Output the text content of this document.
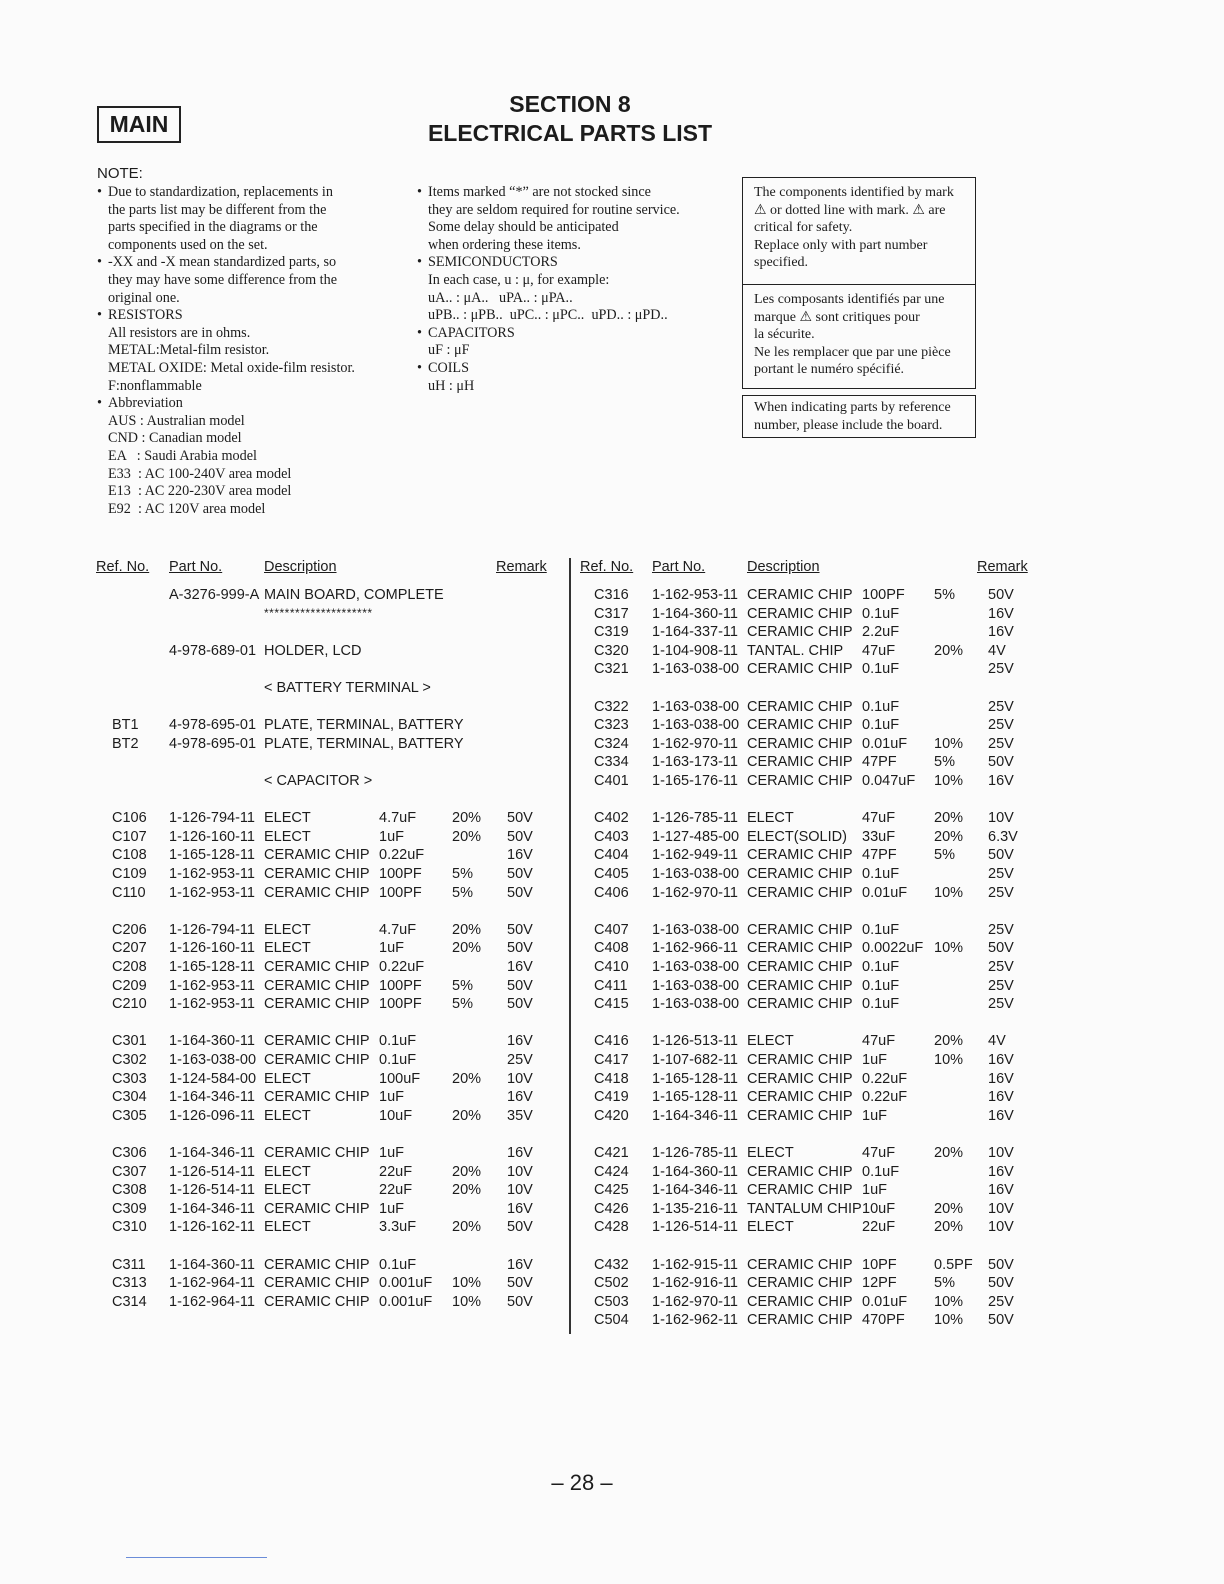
MAIN
SECTION 8
ELECTRICAL PARTS LIST
NOTE:
• Due to standardization, replacements in
the parts list may be different from the
parts specified in the diagrams or the
components used on the set.
• -XX and -X mean standardized parts, so
they may have some difference from the
original one.
• RESISTORS
All resistors are in ohms.
METAL:Metal-film resistor.
METAL OXIDE: Metal oxide-film resistor.
F:nonflammable
• Abbreviation
AUS : Australian model
CND : Canadian model
EA   : Saudi Arabia model
E33  : AC 100-240V area model
E13  : AC 220-230V area model
E92  : AC 120V area model
• Items marked “*” are not stocked since
they are seldom required for routine service.
Some delay should be anticipated
when ordering these items.
• SEMICONDUCTORS
In each case, u : μ, for example:
uA.. : μA..   uPA.. : μPA..
uPB.. : μPB..  uPC.. : μPC..  uPD.. : μPD..
• CAPACITORS
uF : μF
• COILS
uH : μH
The components identified by mark
⚠ or dotted line with mark. ⚠ are
critical for safety.
Replace only with part number
specified.
Les composants identifiés par une
marque ⚠ sont critiques pour
la sécurite.
Ne les remplacer que par une pièce
portant le numéro spécifié.
When indicating parts by reference
number, please include the board.
Ref. No. Part No.	Description	Remark Ref. No. Part No.	Description	Remark
A-3276-999-A MAIN BOARD, COMPLETE
*********************
4-978-689-01 HOLDER, LCD
< BATTERY TERMINAL >
BT1 4-978-695-01 PLATE, TERMINAL, BATTERY
BT2 4-978-695-01 PLATE, TERMINAL, BATTERY
< CAPACITOR >
C106 1-126-794-11 ELECT	4.7uF 20% 50V
C107 1-126-160-11 ELECT	1uF	20% 50V
C108 1-165-128-11 CERAMIC CHIP 0.22uF	16V
C109 1-162-953-11 CERAMIC CHIP 100PF 5% 50V
C110 1-162-953-11 CERAMIC CHIP 100PF 5% 50V
C206 1-126-794-11 ELECT	4.7uF 20% 50V
C207 1-126-160-11 ELECT	1uF	20% 50V
C208 1-165-128-11 CERAMIC CHIP 0.22uF	16V
C209 1-162-953-11 CERAMIC CHIP 100PF 5% 50V
C210 1-162-953-11 CERAMIC CHIP 100PF 5% 50V
C301 1-164-360-11 CERAMIC CHIP 0.1uF	16V
C302 1-163-038-00 CERAMIC CHIP 0.1uF	25V
C303 1-124-584-00 ELECT	100uF 20% 10V
C304 1-164-346-11 CERAMIC CHIP 1uF	16V
C305 1-126-096-11 ELECT	10uF	20% 35V
C306 1-164-346-11 CERAMIC CHIP 1uF	16V
C307 1-126-514-11 ELECT	22uF	20% 10V
C308 1-126-514-11 ELECT	22uF	20% 10V
C309 1-164-346-11 CERAMIC CHIP 1uF	16V
C310 1-126-162-11 ELECT	3.3uF 20% 50V
C311 1-164-360-11 CERAMIC CHIP 0.1uF	16V
C313 1-162-964-11 CERAMIC CHIP 0.001uF 10% 50V
C314 1-162-964-11 CERAMIC CHIP 0.001uF 10% 50V
C316 1-162-953-11 CERAMIC CHIP 100PF 5% 50V
C317 1-164-360-11 CERAMIC CHIP 0.1uF	16V
C319 1-164-337-11 CERAMIC CHIP 2.2uF	16V
C320 1-104-908-11 TANTAL. CHIP 47uF	20% 4V
C321 1-163-038-00 CERAMIC CHIP 0.1uF	25V
C322 1-163-038-00 CERAMIC CHIP 0.1uF	25V
C323 1-163-038-00 CERAMIC CHIP 0.1uF	25V
C324 1-162-970-11 CERAMIC CHIP 0.01uF 10% 25V
C334 1-163-173-11 CERAMIC CHIP 47PF	5% 50V
C401 1-165-176-11 CERAMIC CHIP 0.047uF 10% 16V
C402 1-126-785-11 ELECT	47uF	20% 10V
C403 1-127-485-00 ELECT(SOLID) 33uF	20% 6.3V
C404 1-162-949-11 CERAMIC CHIP 47PF	5% 50V
C405 1-163-038-00 CERAMIC CHIP 0.1uF	25V
C406 1-162-970-11 CERAMIC CHIP 0.01uF 10% 25V
C407 1-163-038-00 CERAMIC CHIP 0.1uF	25V
C408 1-162-966-11 CERAMIC CHIP 0.0022uF 10% 50V
C410 1-163-038-00 CERAMIC CHIP 0.1uF	25V
C411 1-163-038-00 CERAMIC CHIP 0.1uF	25V
C415 1-163-038-00 CERAMIC CHIP 0.1uF	25V
C416 1-126-513-11 ELECT	47uF	20% 4V
C417 1-107-682-11 CERAMIC CHIP 1uF	10% 16V
C418 1-165-128-11 CERAMIC CHIP 0.22uF	16V
C419 1-165-128-11 CERAMIC CHIP 0.22uF	16V
C420 1-164-346-11 CERAMIC CHIP 1uF	16V
C421 1-126-785-11 ELECT	47uF	20% 10V
C424 1-164-360-11 CERAMIC CHIP 0.1uF	16V
C425 1-164-346-11 CERAMIC CHIP 1uF	16V
C426 1-135-216-11 TANTALUM CHIP 10uF	20% 10V
C428 1-126-514-11 ELECT	22uF	20% 10V
C432 1-162-915-11 CERAMIC CHIP 10PF	0.5PF 50V
C502 1-162-916-11 CERAMIC CHIP 12PF	5% 50V
C503 1-162-970-11 CERAMIC CHIP 0.01uF 10% 25V
C504 1-162-962-11 CERAMIC CHIP 470PF 10% 50V
– 28 –
